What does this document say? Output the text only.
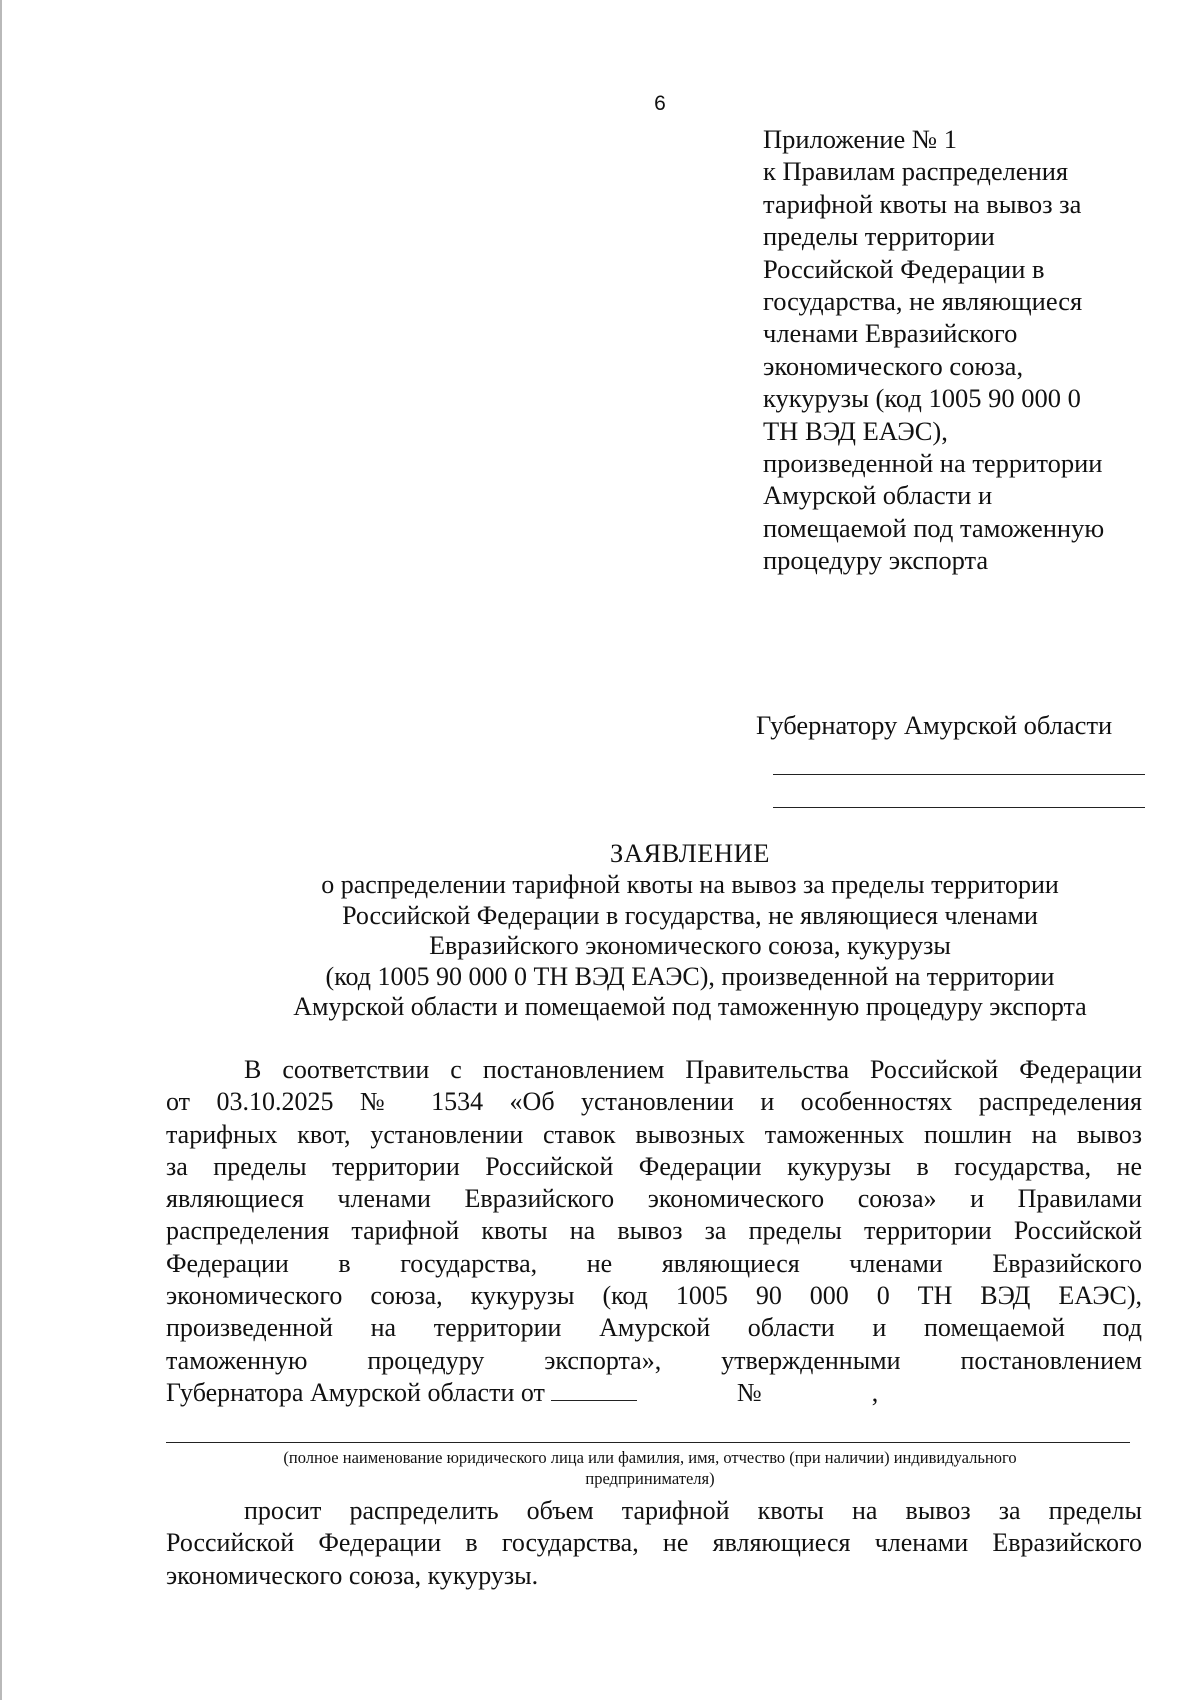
6
Приложение № 1
к Правилам распределения
тарифной квоты на вывоз за
пределы территории
Российской Федерации в
государства, не являющиеся
членами Евразийского
экономического союза,
кукурузы (код 1005 90 000 0
ТН ВЭД ЕАЭС),
произведенной на территории
Амурской области и
помещаемой под таможенную
процедуру экспорта
Губернатору Амурской области
ЗАЯВЛЕНИЕ
о распределении тарифной квоты на вывоз за пределы территории
Российской Федерации в государства, не являющиеся членами
Евразийского экономического союза, кукурузы
(код 1005 90 000 0 ТН ВЭД ЕАЭС), произведенной на территории
Амурской области и помещаемой под таможенную процедуру экспорта
В соответствии с постановлением Правительства Российской Федерации
от 03.10.2025 № 1534 «Об установлении и особенностях распределения
тарифных квот, установлении ставок вывозных таможенных пошлин на вывоз
за пределы территории Российской Федерации кукурузы в государства, не
являющиеся членами Евразийского экономического союза» и Правилами
распределения тарифной квоты на вывоз за пределы территории Российской
Федерации в государства, не являющиеся членами Евразийского
экономического союза, кукурузы (код 1005 90 000 0 ТН ВЭД ЕАЭС),
произведенной на территории Амурской области и помещаемой под
таможенную процедуру экспорта», утвержденными постановлением
Губернатора Амурской области от	№	,
(полное наименование юридического лица или фамилия, имя, отчество (при наличии) индивидуального
предпринимателя)
просит распределить объем тарифной квоты на вывоз за пределы
Российской Федерации в государства, не являющиеся членами Евразийского
экономического союза, кукурузы.
